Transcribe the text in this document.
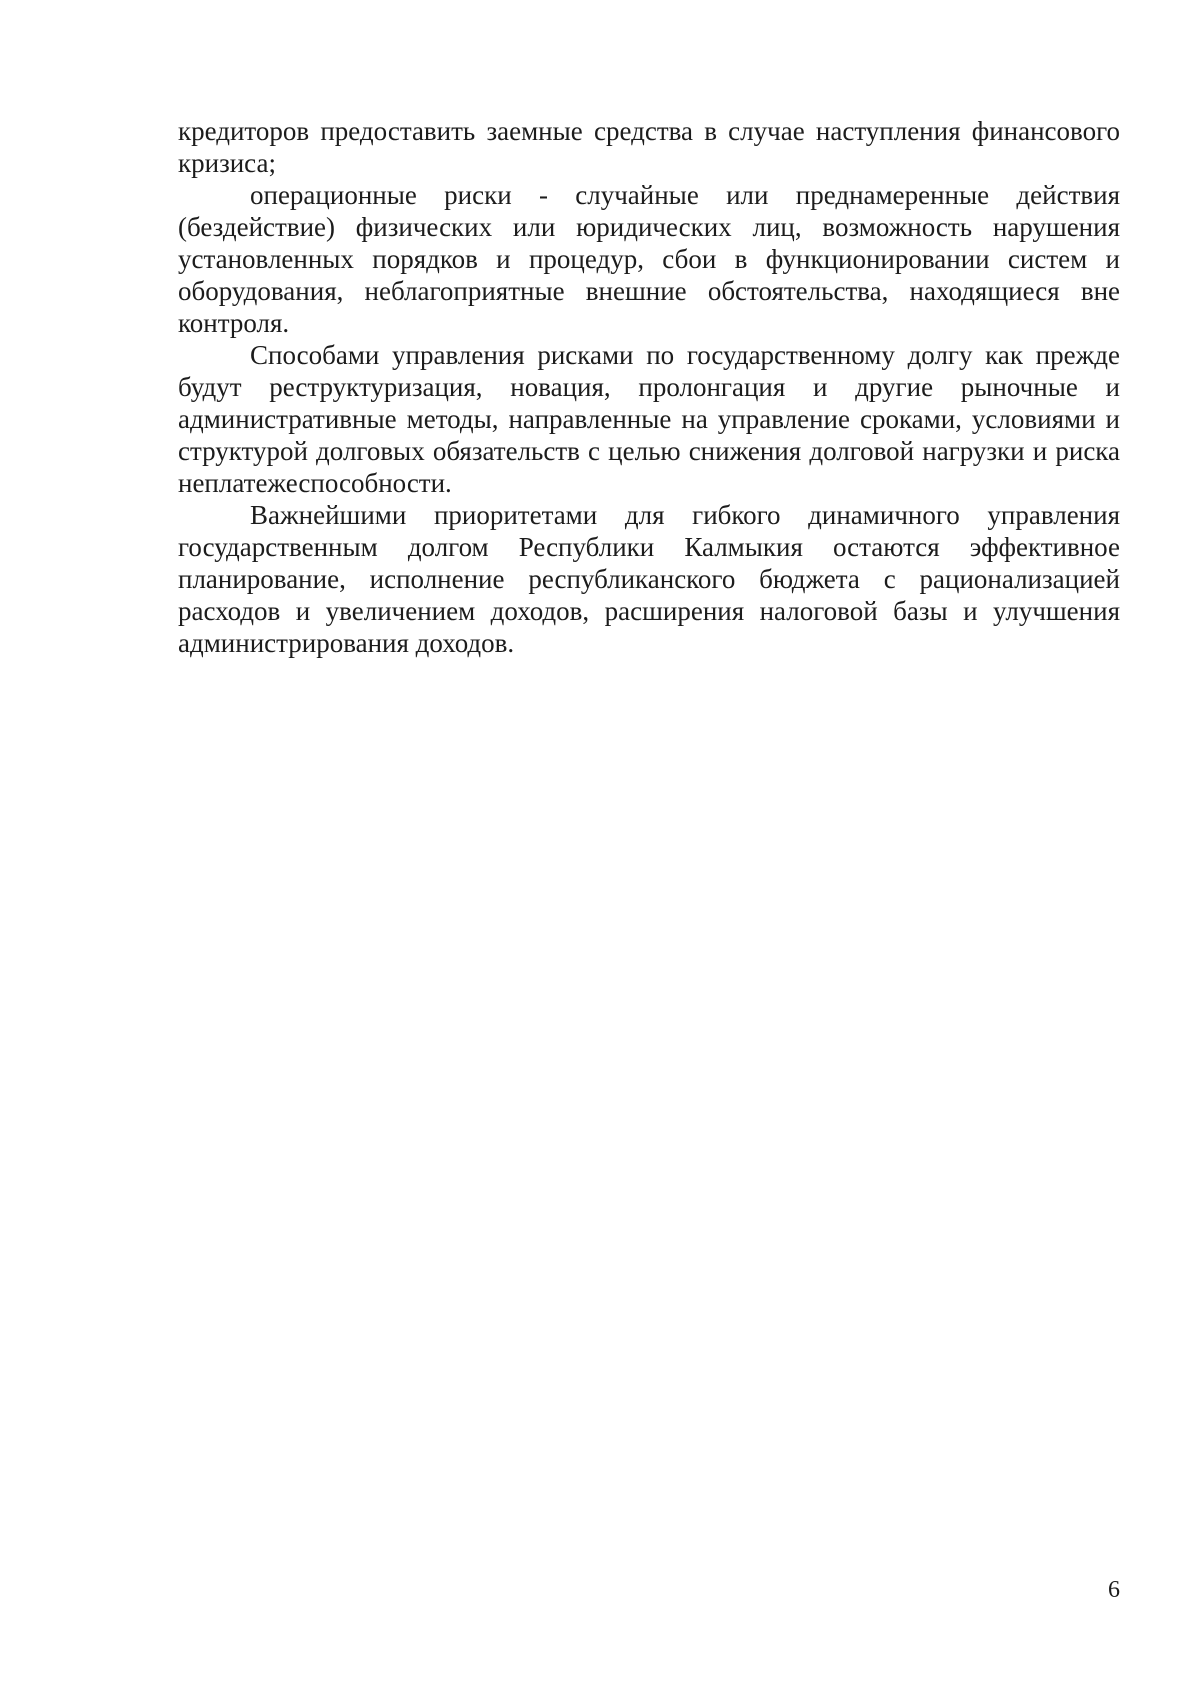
кредиторов предоставить заемные средства в случае наступления финансового кризиса;

операционные риски - случайные или преднамеренные действия (бездействие) физических или юридических лиц, возможность нарушения установленных порядков и процедур, сбои в функционировании систем и оборудования, неблагоприятные внешние обстоятельства, находящиеся вне контроля.

Способами управления рисками по государственному долгу как прежде будут реструктуризация, новация, пролонгация и другие рыночные и административные методы, направленные на управление сроками, условиями и структурой долговых обязательств с целью снижения долговой нагрузки и риска неплатежеспособности.

Важнейшими приоритетами для гибкого динамичного управления государственным долгом Республики Калмыкия остаются эффективное планирование, исполнение республиканского бюджета с рационализацией расходов и увеличением доходов, расширения налоговой базы и улучшения администрирования доходов.

6
